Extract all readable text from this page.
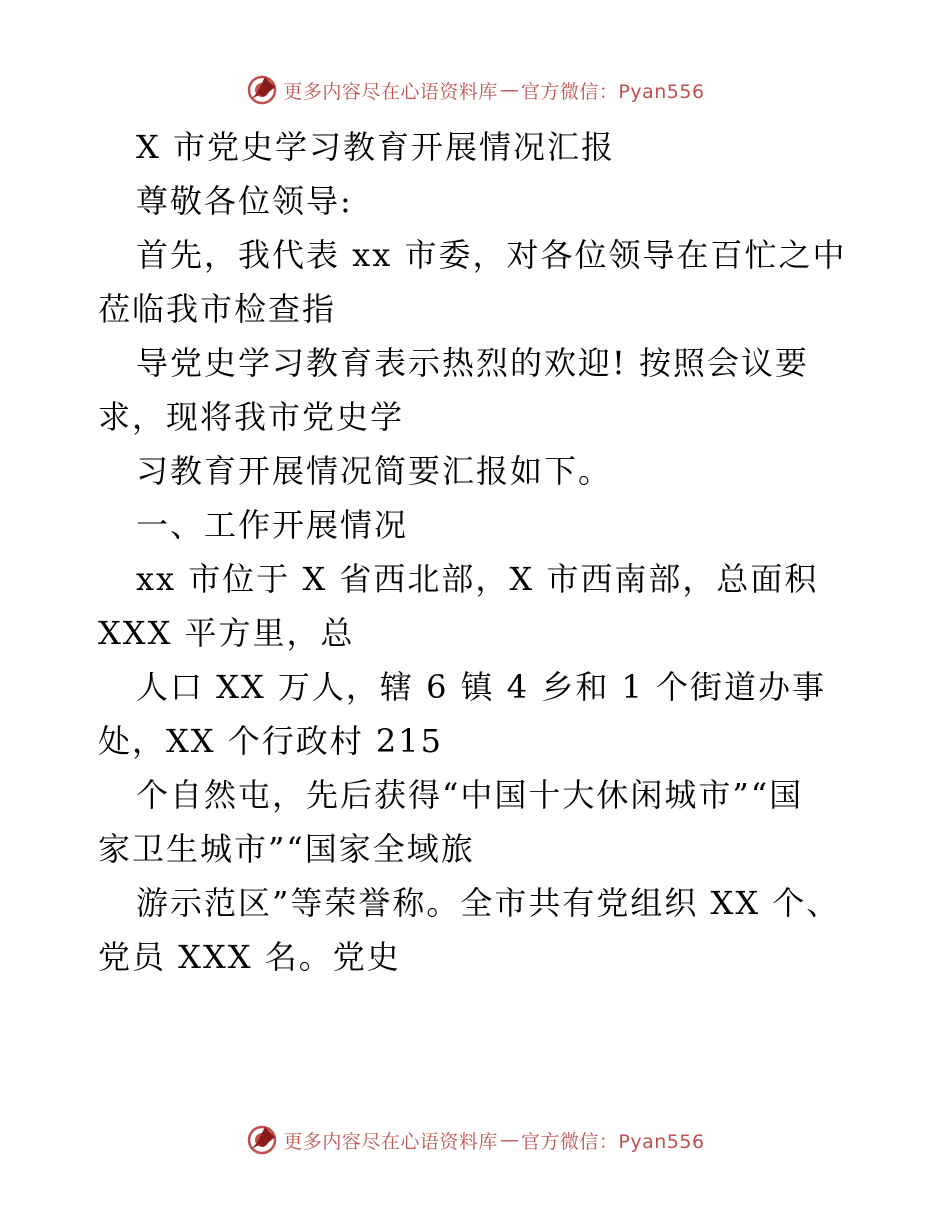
更多内容尽在心语资料库 — 官方微信：Pyan556
X 市党史学习教育开展情况汇报
尊敬各位领导:
首先，我代表 xx 市委，对各位领导在百忙之中
莅临我市检查指
导党史学习教育表示热烈的欢迎! 按照会议要
求，现将我市党史学
习教育开展情况简要汇报如下。
一、工作开展情况
xx 市位于 X 省西北部，X 市西南部，总面积
XXX 平方里，总
人口 XX 万人，辖 6 镇 4 乡和 1 个街道办事
处，XX 个行政村 215
个自然屯，先后获得“中国十大休闲城市”“国
家卫生城市”“国家全域旅
游示范区”等荣誉称。全市共有党组织 XX 个、
党员 XXX 名。党史
更多内容尽在心语资料库 — 官方微信：Pyan556
